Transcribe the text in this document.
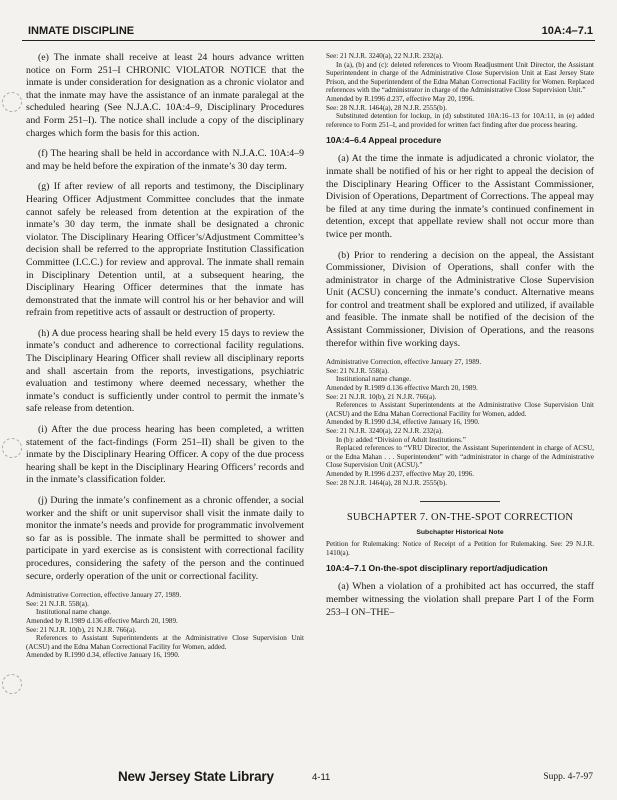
INMATE DISCIPLINE	10A:4–7.1

(e) The inmate shall receive at least 24 hours advance written notice on Form 251–I CHRONIC VIOLATOR NOTICE that the inmate is under consideration for designation as a chronic violator and that the inmate may have the assistance of an inmate paralegal at the scheduled hearing (See N.J.A.C. 10A:4–9, Disciplinary Procedures and Form 251–I). The notice shall include a copy of the disciplinary charges which form the basis for this action.

(f) The hearing shall be held in accordance with N.J.A.C. 10A:4–9 and may be held before the expiration of the inmate’s 30 day term.

(g) If after review of all reports and testimony, the Disciplinary Hearing Officer Adjustment Committee concludes that the inmate cannot safely be released from detention at the expiration of the inmate’s 30 day term, the inmate shall be designated a chronic violator. The Disciplinary Hearing Officer’s/Adjustment Committee’s decision shall be referred to the appropriate Institution Classification Committee (I.C.C.) for review and approval. The inmate shall remain in Disciplinary Detention until, at a subsequent hearing, the Disciplinary Hearing Officer determines that the inmate has demonstrated that the inmate will control his or her behavior and will refrain from repetitive acts of assault or destruction of property.

(h) A due process hearing shall be held every 15 days to review the inmate’s conduct and adherence to correctional facility regulations. The Disciplinary Hearing Officer shall review all disciplinary reports and shall ascertain from the reports, investigations, psychiatric evaluation and testimony where deemed necessary, whether the inmate’s conduct is sufficiently under control to permit the inmate’s safe release from detention.

(i) After the due process hearing has been completed, a written statement of the fact-findings (Form 251–II) shall be given to the inmate by the Disciplinary Hearing Officer. A copy of the due process hearing shall be kept in the Disciplinary Hearing Officers’ records and in the inmate’s classification folder.

(j) During the inmate’s confinement as a chronic offender, a social worker and the shift or unit supervisor shall visit the inmate daily to monitor the inmate’s needs and provide for programmatic involvement so far as is possible. The inmate shall be permitted to shower and participate in yard exercise as is consistent with correctional facility procedures, considering the safety of the person and the continued secure, orderly operation of the unit or correctional facility.

Administrative Correction, effective January 27, 1989.
See: 21 N.J.R. 558(a).
Institutional name change.
Amended by R.1989 d.136 effective March 20, 1989.
See: 21 N.J.R. 10(b), 21 N.J.R. 766(a).
References to Assistant Superintendents at the Administrative Close Supervision Unit (ACSU) and the Edna Mahan Correctional Facility for Women, added.
Amended by R.1990 d.34, effective January 16, 1990.
See: 21 N.J.R. 3240(a), 22 N.J.R. 232(a).
In (a), (b) and (c): deleted references to Vroom Readjustment Unit Director, the Assistant Superintendent in charge of the Administrative Close Supervision Unit at East Jersey State Prison, and the Superintendent of the Edna Mahan Correctional Facility for Women. Replaced references with the “administrator in charge of the Administrative Close Supervision Unit.”
Amended by R.1996 d.237, effective May 20, 1996.
See: 28 N.J.R. 1464(a), 28 N.J.R. 2555(b).
Substituted detention for lockup, in (d) substituted 10A:16–13 for 10A:11, in (e) added reference to Form 251–I, and provided for written fact finding after due process hearing.
10A:4–6.4 Appeal procedure

(a) At the time the inmate is adjudicated a chronic violator, the inmate shall be notified of his or her right to appeal the decision of the Disciplinary Hearing Officer to the Assistant Commissioner, Division of Operations, Department of Corrections. The appeal may be filed at any time during the inmate’s continued confinement in detention, except that appellate review shall not occur more than twice per month.

(b) Prior to rendering a decision on the appeal, the Assistant Commissioner, Division of Operations, shall confer with the administrator in charge of the Administrative Close Supervision Unit (ACSU) concerning the inmate’s conduct. Alternative means for control and treatment shall be explored and utilized, if available and feasible. The inmate shall be notified of the decision of the Assistant Commissioner, Division of Operations, and the reasons therefor within five working days.

Administrative Correction, effective January 27, 1989.
See: 21 N.J.R. 558(a).
Institutional name change.
Amended by R.1989 d.136 effective March 20, 1989.
See: 21 N.J.R. 10(b), 21 N.J.R. 766(a).
References to Assistant Superintendents at the Administrative Close Supervision Unit (ACSU) and the Edna Mahan Correctional Facility for Women, added.
Amended by R.1990 d.34, effective January 16, 1990.
See: 21 N.J.R. 3240(a), 22 N.J.R. 232(a).
In (b): added “Division of Adult Institutions.”
Replaced references to “VRU Director, the Assistant Superintendent in charge of ACSU, or the Edna Mahan . . . Superintendent” with “administrator in charge of the Administrative Close Supervision Unit (ACSU).”
Amended by R.1996 d.237, effective May 20, 1996.
See: 28 N.J.R. 1464(a), 28 N.J.R. 2555(b).
SUBCHAPTER 7. ON-THE-SPOT CORRECTION
Subchapter Historical Note
Petition for Rulemaking: Notice of Receipt of a Petition for Rulemaking. See: 29 N.J.R. 1410(a).
10A:4–7.1 On-the-spot disciplinary report/adjudication

(a) When a violation of a prohibited act has occurred, the staff member witnessing the violation shall prepare Part I of the Form 253–I ON–THE–

New Jersey State Library	4-11	Supp. 4-7-97
